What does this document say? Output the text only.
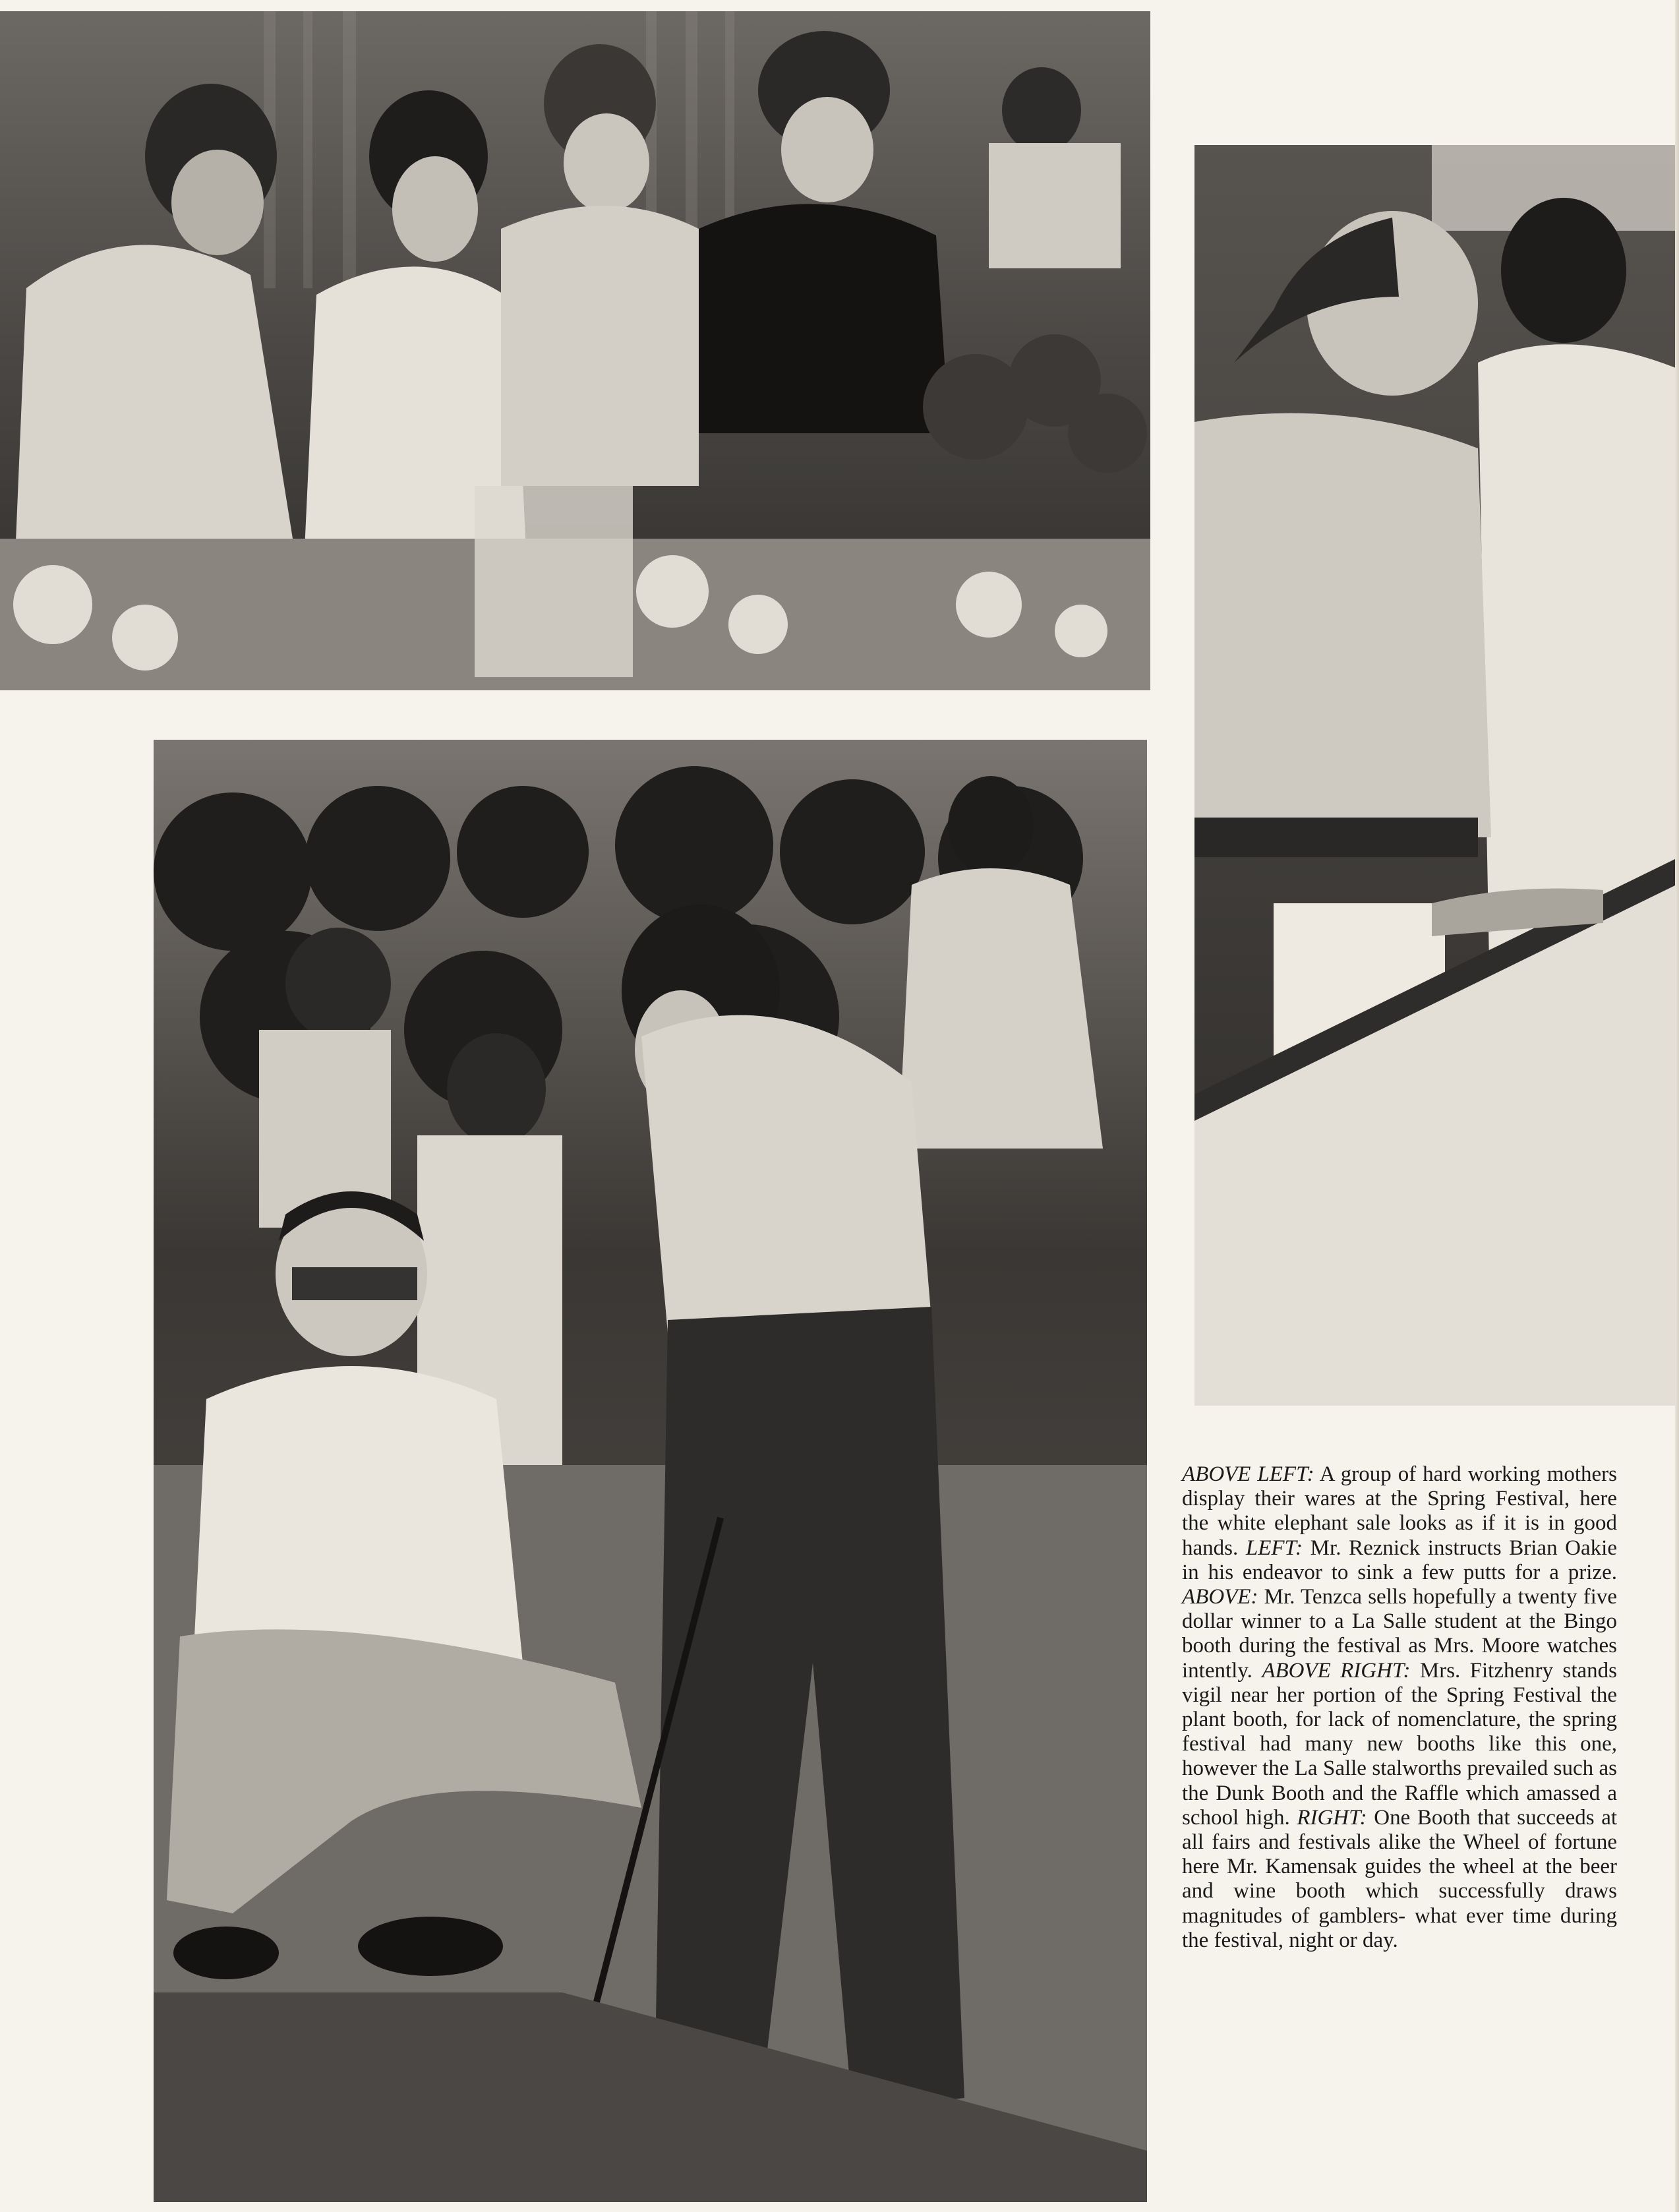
ABOVE LEFT: A group of hard working mothers display their wares at the Spring Festival, here the white elephant sale looks as if it is in good hands. LEFT: Mr. Reznick instructs Brian Oakie in his endeavor to sink a few putts for a prize. ABOVE: Mr. Tenzca sells hopefully a twenty five dollar winner to a La Salle student at the Bingo booth during the festival as Mrs. Moore watches intently. ABOVE RIGHT: Mrs. Fitzhenry stands vigil near her portion of the Spring Festival the plant booth, for lack of nomenclature, the spring festival had many new booths like this one, however the La Salle stalworths prevailed such as the Dunk Booth and the Raffle which amassed a school high. RIGHT: One Booth that succeeds at all fairs and festivals alike the Wheel of fortune here Mr. Kamensak guides the wheel at the beer and wine booth which successfully draws magnitudes of gamblers- what ever time during the festival, night or day.
